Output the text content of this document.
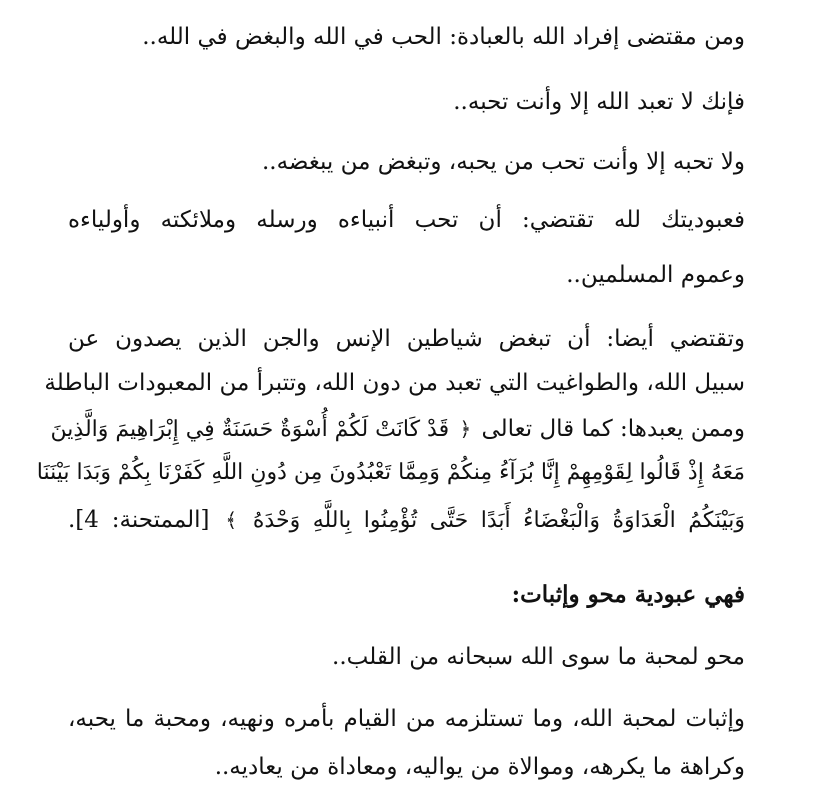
ومن مقتضى إفراد الله بالعبادة: الحب في الله والبغض في الله..
فإنك لا تعبد الله إلا وأنت تحبه..
ولا تحبه إلا وأنت تحب من يحبه، وتبغض من يبغضه..
فعبوديتك لله تقتضي: أن تحب أنبياءه ورسله وملائكته وأولياءه
وعموم المسلمين..
وتقتضي أيضا: أن تبغض شياطين الإنس والجن الذين يصدون عن
سبيل الله، والطواغيت التي تعبد من دون الله، وتتبرأ من المعبودات الباطلة
وممن يعبدها: كما قال تعالى ﴿ قَدْ كَانَتْ لَكُمْ أُسْوَةٌ حَسَنَةٌ فِي إِبْرَاهِيمَ وَالَّذِينَ
مَعَهُ إِذْ قَالُوا لِقَوْمِهِمْ إِنَّا بُرَآءُ مِنكُمْ وَمِمَّا تَعْبُدُونَ مِن دُونِ اللَّهِ كَفَرْنَا بِكُمْ وَبَدَا بَيْنَنَا
وَبَيْنَكُمُ الْعَدَاوَةُ وَالْبَغْضَاءُ أَبَدًا حَتَّى تُؤْمِنُوا بِاللَّهِ وَحْدَهُ ﴾ [الممتحنة: 4].
فهي عبودية محو وإثبات:
محو لمحبة ما سوى الله سبحانه من القلب..
وإثبات لمحبة الله، وما تستلزمه من القيام بأمره ونهيه، ومحبة ما يحبه،
وكراهة ما يكرهه، وموالاة من يواليه، ومعاداة من يعاديه..
